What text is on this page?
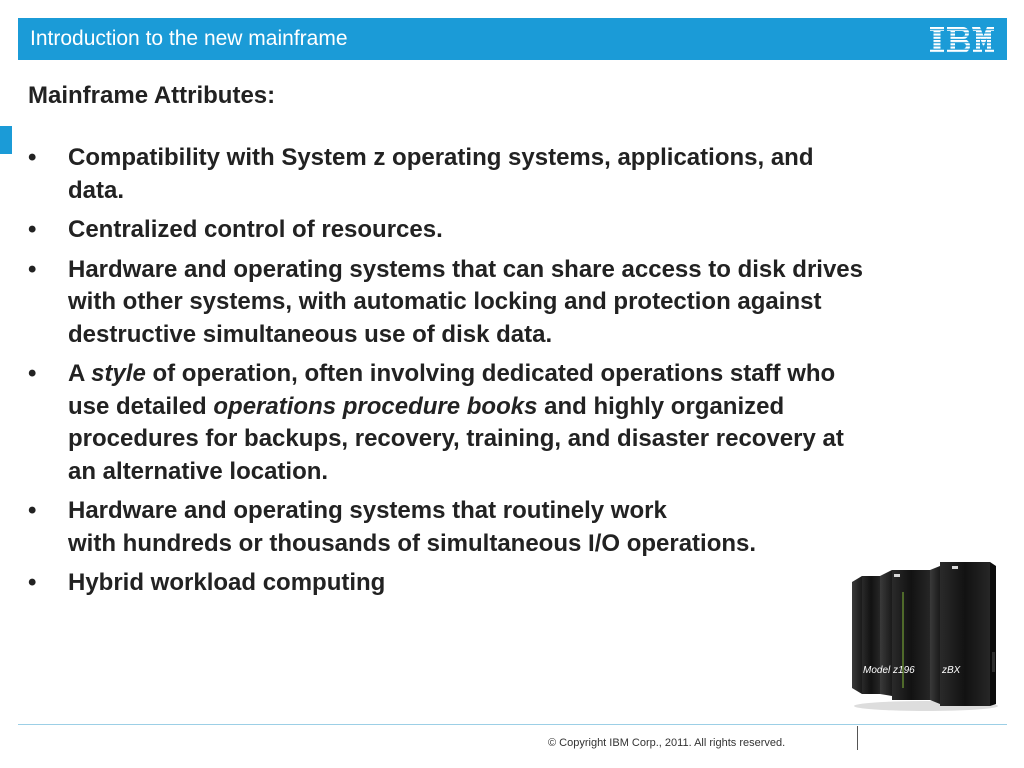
Introduction to the new mainframe
Mainframe Attributes:
• Compatibility with System z operating systems, applications, and
data.
• Centralized control of resources.
• Hardware and operating systems that can share access to disk drives
with other systems, with automatic locking and protection against
destructive simultaneous use of disk data.
• A style of operation, often involving dedicated operations staff who
use detailed operations procedure books and highly organized
procedures for backups, recovery, training, and disaster recovery at
an alternative location.
• Hardware and operating systems that routinely work
with hundreds or thousands of simultaneous I/O operations.
• Hybrid workload computing
Model z196	zBX
© Copyright IBM Corp., 2011. All rights reserved.
